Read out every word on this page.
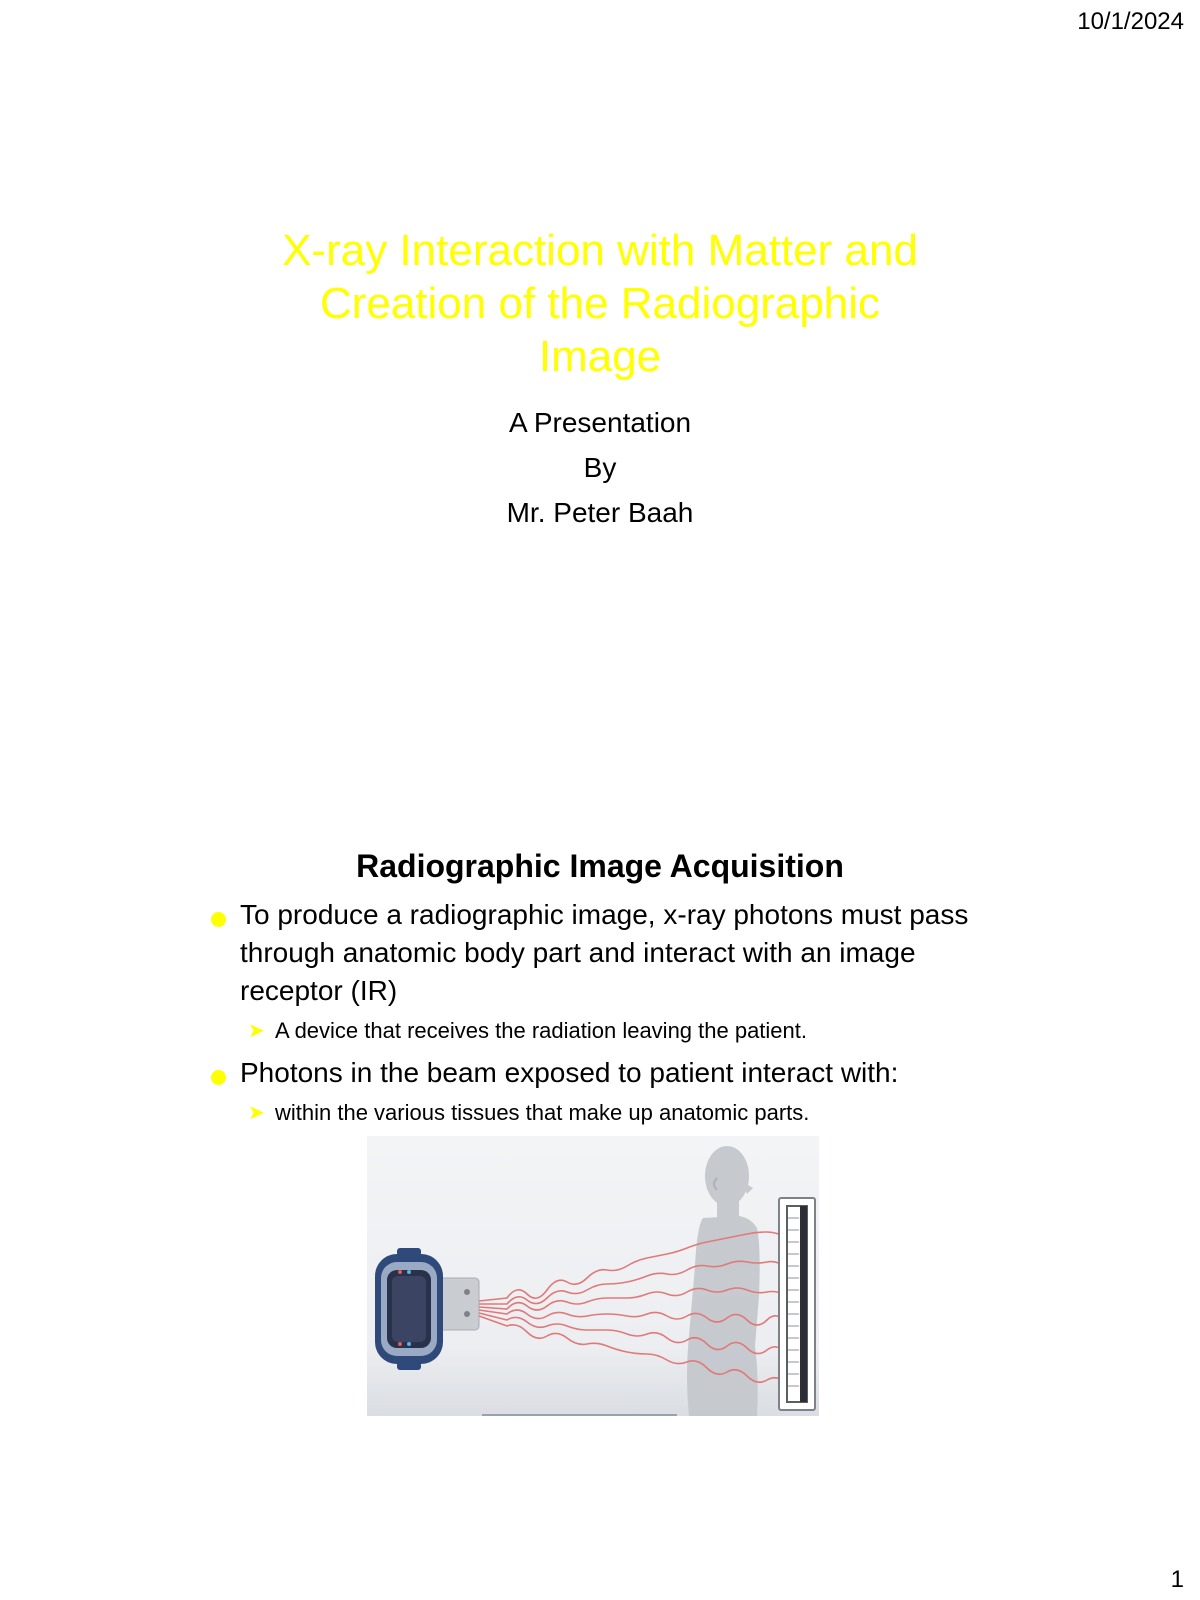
10/1/2024
X-ray Interaction with Matter and
Creation of the Radiographic
Image
A Presentation
By
Mr. Peter Baah
Radiographic Image Acquisition
To produce a radiographic image, x-ray photons must pass through anatomic body part and interact with an image receptor (IR)
➤ A device that receives the radiation leaving the patient.
Photons in the beam exposed to patient interact with:
➤ within the various tissues that make up anatomic parts.
1
